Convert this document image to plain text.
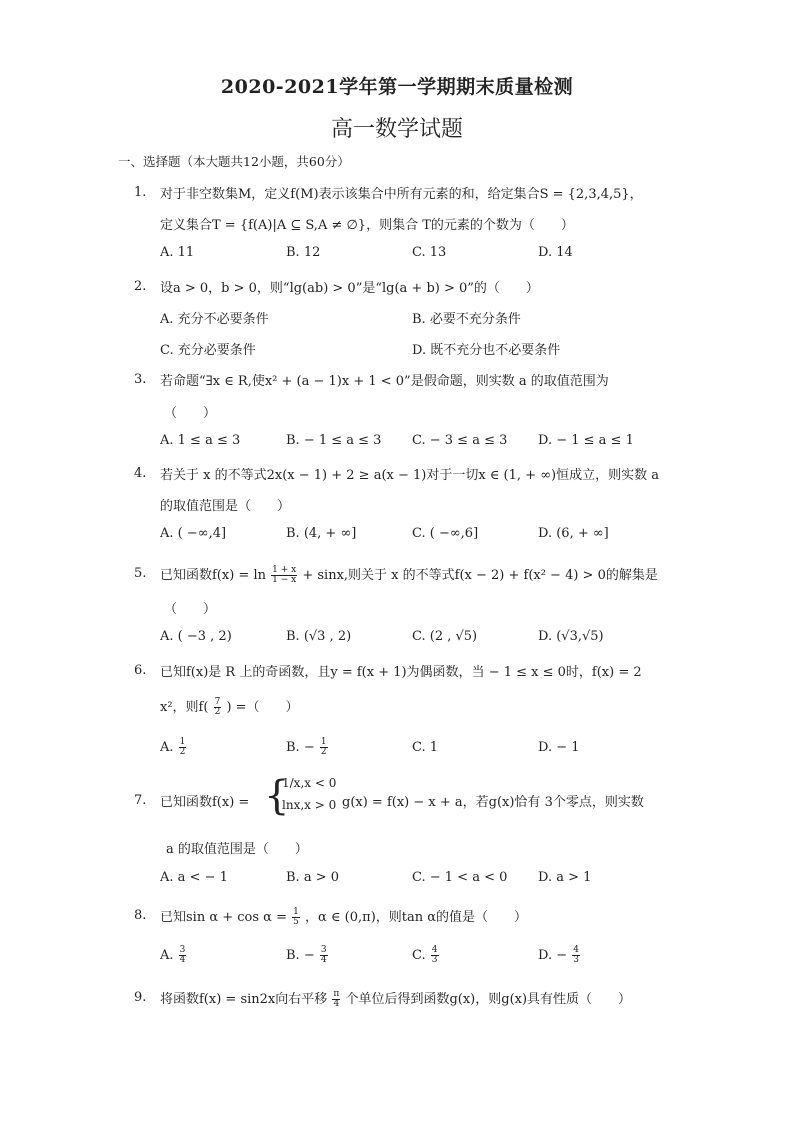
2020-2021学年第一学期期末质量检测
高一数学试题
一、选择题（本大题共12小题，共60分）
1. 对于非空数集M，定义f(M)表示该集合中所有元素的和，给定集合S = {2,3,4,5}，
定义集合T = {f(A)|A ⊆ S,A ≠ ∅}，则集合 T的元素的个数为（　　）
A. 11	B. 12	C. 13	D. 14
2. 设a > 0，b > 0，则“lg(ab) > 0”是“lg(a + b) > 0”的（　　）
A. 充分不必要条件	B. 必要不充分条件
C. 充分必要条件	D. 既不充分也不必要条件
3. 若命题“∃x ∈ R,使x² + (a − 1)x + 1 < 0”是假命题，则实数 a 的取值范围为
（　　）
A. 1 ≤ a ≤ 3	B. − 1 ≤ a ≤ 3 C. − 3 ≤ a ≤ 3 D. − 1 ≤ a ≤ 1
4. 若关于 x 的不等式2x(x − 1) + 2 ≥ a(x − 1)对于一切x ∈ (1, + ∞)恒成立，则实数 a
的取值范围是（　　）
A. ( −∞,4]	B. (4, + ∞]	C. ( −∞,6]	D. (6, + ∞]
5. 已知函数$f(x) = \ln \frac{1 + x}{1 - x} + \sin x$,则关于 x 的不等式f(x − 2) + f(x² − 4) > 0的解集是
（　　）
A. ( −3 , 2)	B. (√3 , 2)	C. (2 , √5)	D. (√3,√5)
6. 已知f(x)是 R 上的奇函数，且y = f(x + 1)为偶函数，当 − 1 ≤ x ≤ 0时，f(x) = 2
x²，则$f( \frac{7}{2}$ ) =（　　）
A. $\frac{1}{2}$	B. − $\frac{1}{2}$	C. 1	D. − 1
7. 已知函数f(x) = {
1/x,x < 0
lnx,x > 0 g(x) = f(x) − x + a，若g(x)恰有 3个零点，则实数
a 的取值范围是（　　）
A. a < − 1	B. a > 0	C. − 1 < a < 0 D. a > 1
8. 已知$\sin \alpha + \cos \alpha = \frac{1}{5}$ ，α ∈ (0,π)，则tan α的值是（　　）
A. $\frac{3}{4}$	B. − $\frac{3}{4}$	C. $\frac{4}{3}$	D. − $\frac{4}{3}$
9. 将函数f(x) = sin2x向右平移 $\frac{\pi}{4}$ 个单位后得到函数g(x)，则g(x)具有性质（　　）
